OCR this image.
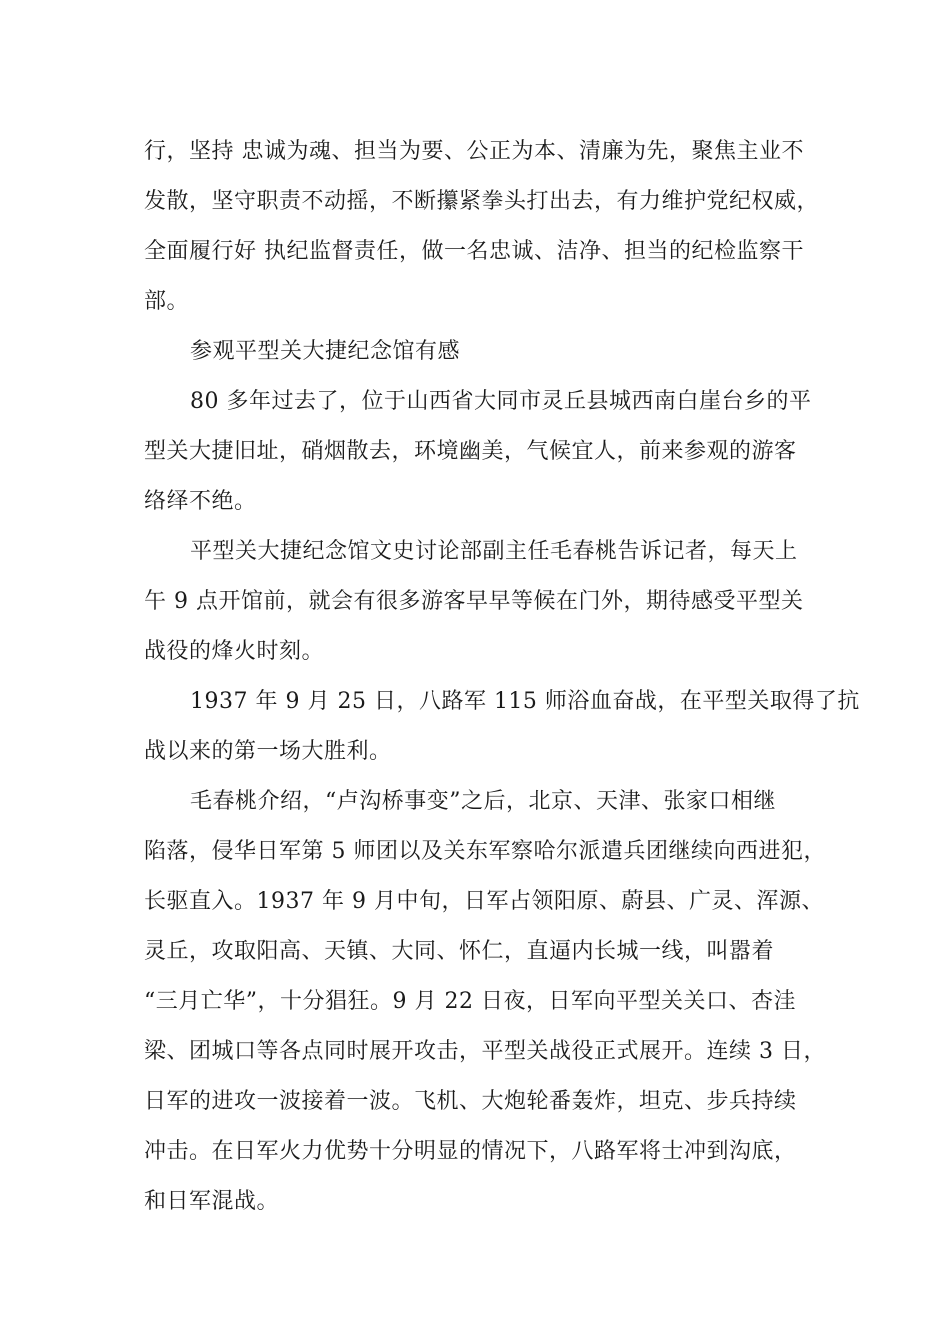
行，坚持 忠诚为魂、担当为要、公正为本、清廉为先，聚焦主业不
发散，坚守职责不动摇，不断攥紧拳头打出去，有力维护党纪权威，
全面履行好 执纪监督责任，做一名忠诚、洁净、担当的纪检监察干
部。
参观平型关大捷纪念馆有感
80 多年过去了，位于山西省大同市灵丘县城西南白崖台乡的平
型关大捷旧址，硝烟散去，环境幽美，气候宜人，前来参观的游客
络绎不绝。
平型关大捷纪念馆文史讨论部副主任毛春桃告诉记者，每天上
午 9 点开馆前，就会有很多游客早早等候在门外，期待感受平型关
战役的烽火时刻。
1937 年 9 月 25 日，八路军 115 师浴血奋战，在平型关取得了抗
战以来的第一场大胜利。
毛春桃介绍，“卢沟桥事变”之后，北京、天津、张家口相继
陷落，侵华日军第 5 师团以及关东军察哈尔派遣兵团继续向西进犯，
长驱直入。1937 年 9 月中旬，日军占领阳原、蔚县、广灵、浑源、
灵丘，攻取阳高、天镇、大同、怀仁，直逼内长城一线，叫嚣着
“三月亡华”，十分猖狂。9 月 22 日夜，日军向平型关关口、杏洼
梁、团城口等各点同时展开攻击，平型关战役正式展开。连续 3 日，
日军的进攻一波接着一波。飞机、大炮轮番轰炸，坦克、步兵持续
冲击。在日军火力优势十分明显的情况下，八路军将士冲到沟底，
和日军混战。
